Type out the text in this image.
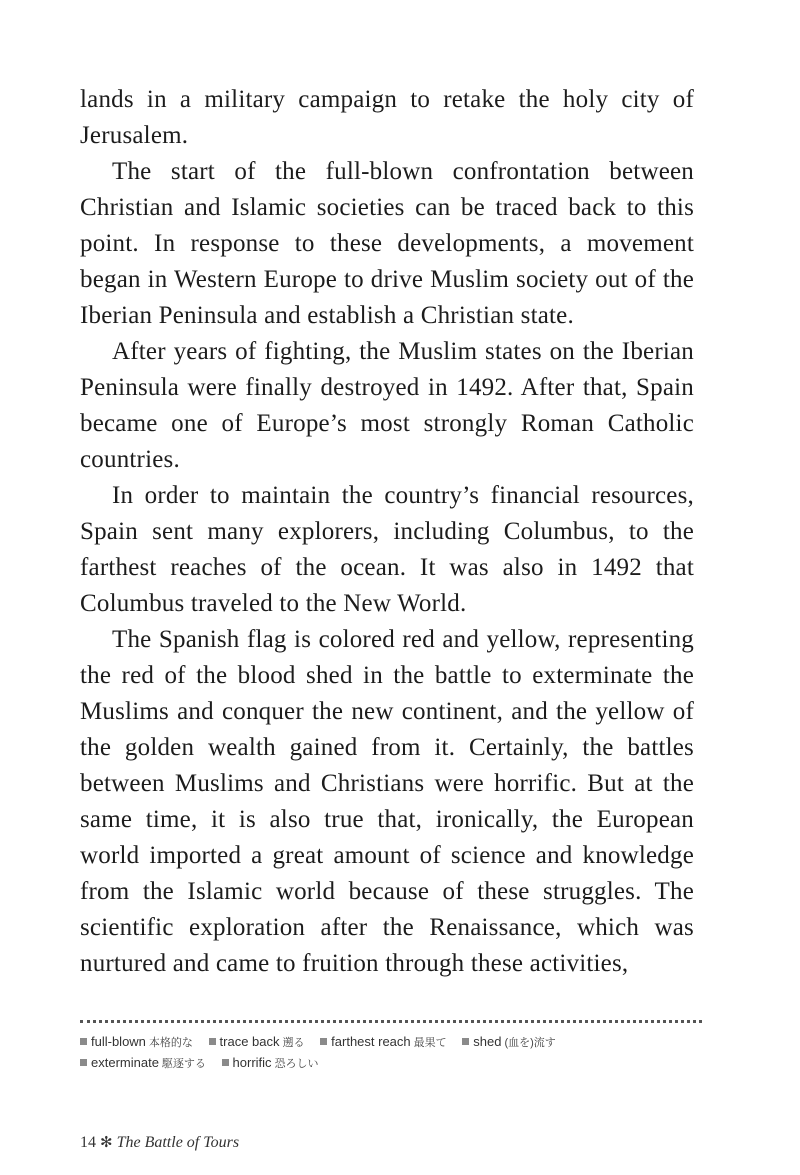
lands in a military campaign to retake the holy city of Jerusalem.

The start of the full-blown confrontation between Christian and Islamic societies can be traced back to this point. In response to these developments, a movement began in Western Europe to drive Muslim society out of the Iberian Peninsula and establish a Christian state.

After years of fighting, the Muslim states on the Iberian Peninsula were finally destroyed in 1492. After that, Spain became one of Europe’s most strongly Roman Catholic countries.

In order to maintain the country’s financial resources, Spain sent many explorers, including Columbus, to the farthest reaches of the ocean. It was also in 1492 that Columbus traveled to the New World.

The Spanish flag is colored red and yellow, representing the red of the blood shed in the battle to exterminate the Muslims and conquer the new continent, and the yellow of the golden wealth gained from it. Certainly, the battles between Muslims and Christians were horrific. But at the same time, it is also true that, ironically, the European world imported a great amount of science and knowledge from the Islamic world because of these struggles. The scientific exploration after the Renaissance, which was nurtured and came to fruition through these activities,

full-blown 本格的な trace back 遡る farthest reach 最果て shed (血を)流す
exterminate 駆逐する horrific 恐ろしい
14 ✻ The Battle of Tours
